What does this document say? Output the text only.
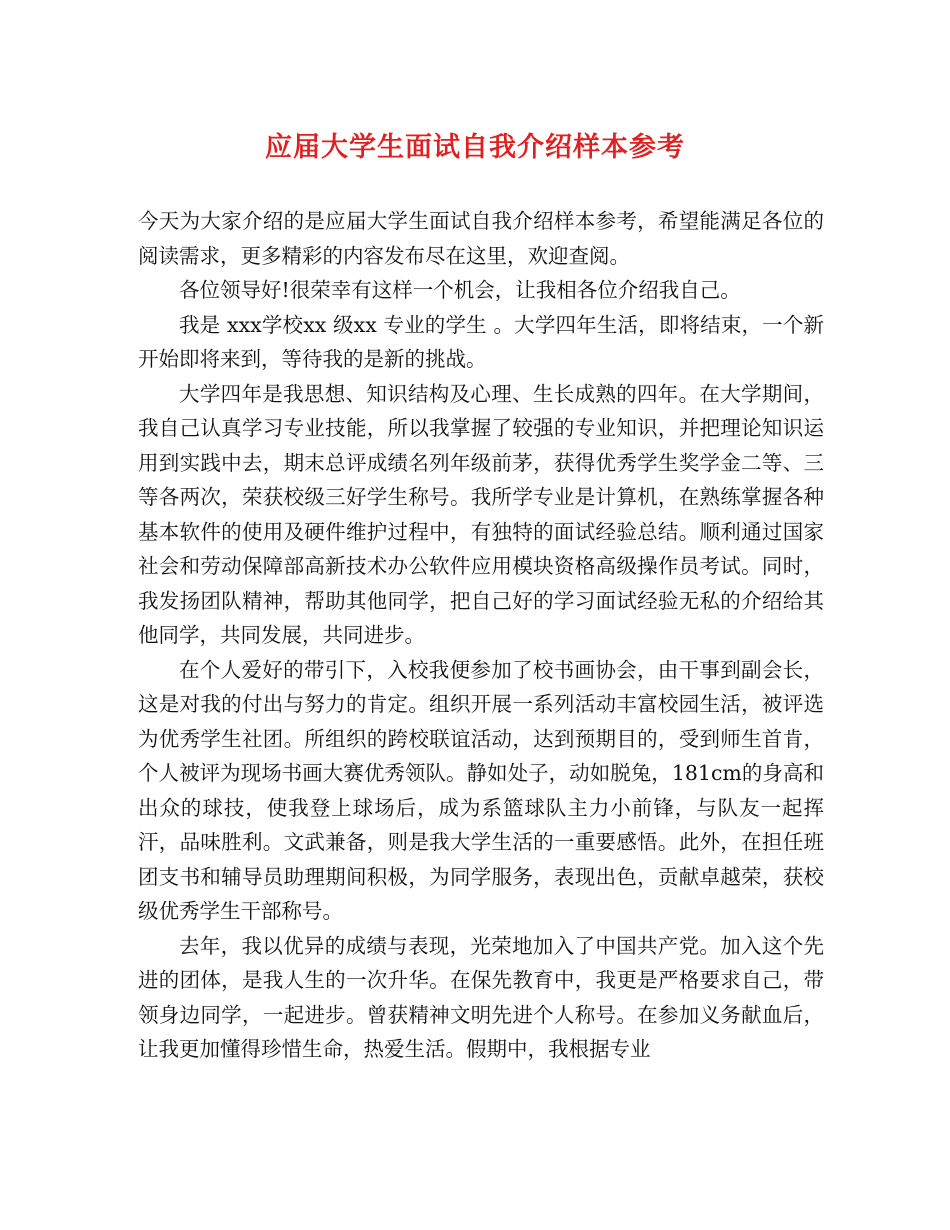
应届大学生面试自我介绍样本参考

今天为大家介绍的是应届大学生面试自我介绍样本参考，希望能满足各位的阅读需求，更多精彩的内容发布尽在这里，欢迎查阅。

各位领导好!很荣幸有这样一个机会，让我相各位介绍我自己。

我是 xxx学校xx 级xx 专业的学生 。大学四年生活，即将结束，一个新开始即将来到，等待我的是新的挑战。

大学四年是我思想、知识结构及心理、生长成熟的四年。在大学期间，我自己认真学习专业技能，所以我掌握了较强的专业知识，并把理论知识运用到实践中去，期末总评成绩名列年级前茅，获得优秀学生奖学金二等、三等各两次，荣获校级三好学生称号。我所学专业是计算机，在熟练掌握各种基本软件的使用及硬件维护过程中，有独特的面试经验总结。顺利通过国家社会和劳动保障部高新技术办公软件应用模块资格高级操作员考试。同时，我发扬团队精神，帮助其他同学，把自己好的学习面试经验无私的介绍给其他同学，共同发展，共同进步。

在个人爱好的带引下，入校我便参加了校书画协会，由干事到副会长，这是对我的付出与努力的肯定。组织开展一系列活动丰富校园生活，被评选为优秀学生社团。所组织的跨校联谊活动，达到预期目的，受到师生首肯，个人被评为现场书画大赛优秀领队。静如处子，动如脱兔，181cm的身高和出众的球技，使我登上球场后，成为系篮球队主力小前锋，与队友一起挥汗，品味胜利。文武兼备，则是我大学生活的一重要感悟。此外，在担任班团支书和辅导员助理期间积极，为同学服务，表现出色，贡献卓越荣，获校级优秀学生干部称号。

去年，我以优异的成绩与表现，光荣地加入了中国共产党。加入这个先进的团体，是我人生的一次升华。在保先教育中，我更是严格要求自己，带领身边同学，一起进步。曾获精神文明先进个人称号。在参加义务献血后，让我更加懂得珍惜生命，热爱生活。假期中，我根据专业
